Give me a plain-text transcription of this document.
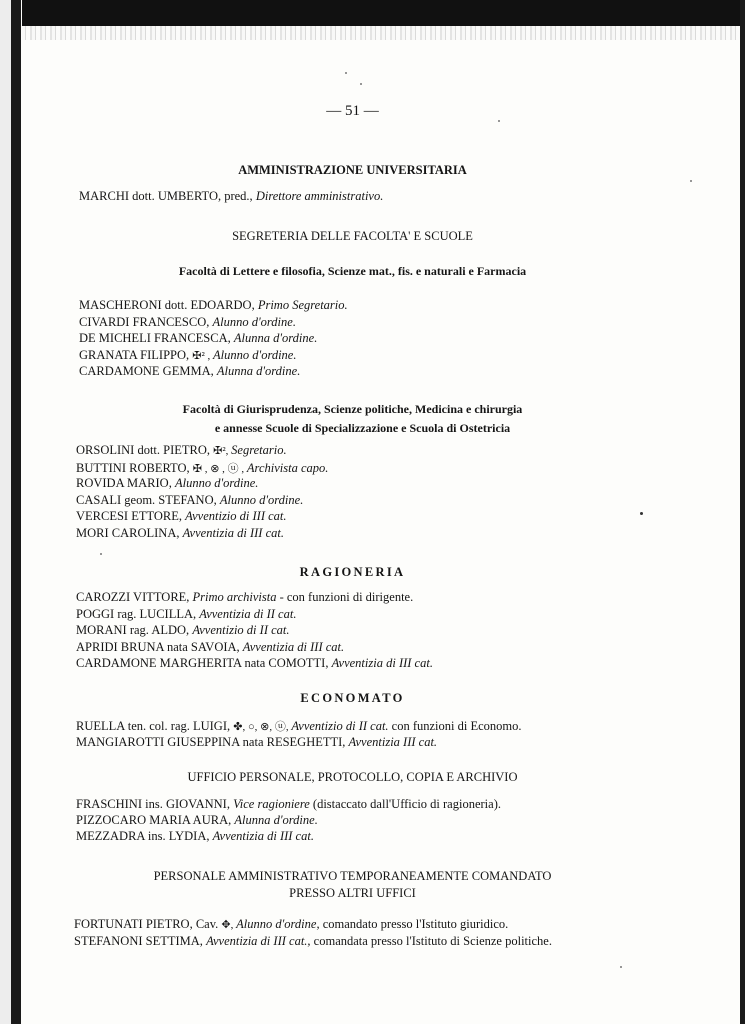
— 51 —
AMMINISTRAZIONE UNIVERSITARIA
MARCHI dott. UMBERTO, pred., Direttore amministrativo.
SEGRETERIA DELLE FACOLTA' E SCUOLE
Facoltà di Lettere e filosofia, Scienze mat., fis. e naturali e Farmacia
MASCHERONI dott. EDOARDO, Primo Segretario.
CIVARDI FRANCESCO, Alunno d'ordine.
DE MICHELI FRANCESCA, Alunna d'ordine.
GRANATA FILIPPO, ✠² , Alunno d'ordine.
CARDAMONE GEMMA, Alunna d'ordine.
Facoltà di Giurisprudenza, Scienze politiche, Medicina e chirurgia
e annesse Scuole di Specializzazione e Scuola di Ostetricia
ORSOLINI dott. PIETRO, ✠², Segretario.
BUTTINI ROBERTO, ✠ , ⊗ , ⓤ , Archivista capo.
ROVIDA MARIO, Alunno d'ordine.
CASALI geom. STEFANO, Alunno d'ordine.
VERCESI ETTORE, Avventizio di III cat.
MORI CAROLINA, Avventizia di III cat.
RAGIONERIA
CAROZZI VITTORE, Primo archivista - con funzioni di dirigente.
POGGI rag. LUCILLA, Avventizia di II cat.
MORANI rag. ALDO, Avventizio di II cat.
APRIDI BRUNA nata SAVOIA, Avventizia di III cat.
CARDAMONE MARGHERITA nata COMOTTI, Avventizia di III cat.
ECONOMATO
RUELLA ten. col. rag. LUIGI, ✤, ○, ⊗, ⓤ, Avventizio di II cat. con funzioni di Economo.
MANGIAROTTI GIUSEPPINA nata RESEGHETTI, Avventizia III cat.
UFFICIO PERSONALE, PROTOCOLLO, COPIA E ARCHIVIO
FRASCHINI ins. GIOVANNI, Vice ragioniere (distaccato dall'Ufficio di ragioneria).
PIZZOCARO MARIA AURA, Alunna d'ordine.
MEZZADRA ins. LYDIA, Avventizia di III cat.
PERSONALE AMMINISTRATIVO TEMPORANEAMENTE COMANDATO
PRESSO ALTRI UFFICI
FORTUNATI PIETRO, Cav. ✥, Alunno d'ordine, comandato presso l'Istituto giuridico.
STEFANONI SETTIMA, Avventizia di III cat., comandata presso l'Istituto di Scienze politiche.
